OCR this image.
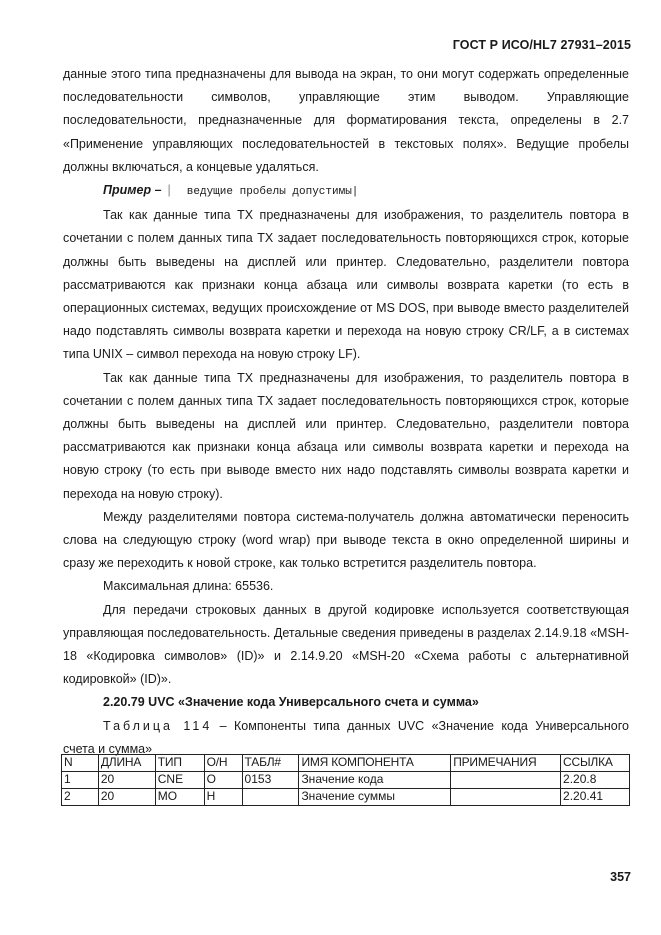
ГОСТ Р ИСО/HL7 27931–2015

данные этого типа предназначены для вывода на экран, то они могут содержать определенные последовательности символов, управляющие этим выводом. Управляющие последовательности, предназначенные для форматирования текста, определены в 2.7 «Применение управляющих последовательностей в текстовых полях». Ведущие пробелы должны включаться, а концевые удаляться.

Пример – | ведущие пробелы допустимы|

Так как данные типа TX предназначены для изображения, то разделитель повтора в сочетании с полем данных типа TX задает последовательность повторяющихся строк, которые должны быть выведены на дисплей или принтер. Следовательно, разделители повтора рассматриваются как признаки конца абзаца или символы возврата каретки (то есть в операционных системах, ведущих происхождение от MS DOS, при выводе вместо разделителей надо подставлять символы возврата каретки и перехода на новую строку CR/LF, а в системах типа UNIX – символ перехода на новую строку LF).

Так как данные типа TX предназначены для изображения, то разделитель повтора в сочетании с полем данных типа TX задает последовательность повторяющихся строк, которые должны быть выведены на дисплей или принтер. Следовательно, разделители повтора рассматриваются как признаки конца абзаца или символы возврата каретки и перехода на новую строку (то есть при выводе вместо них надо подставлять символы возврата каретки и перехода на новую строку).

Между разделителями повтора система-получатель должна автоматически переносить слова на следующую строку (word wrap) при выводе текста в окно определенной ширины и сразу же переходить к новой строке, как только встретится разделитель повтора.

Максимальная длина: 65536.

Для передачи строковых данных в другой кодировке используется соответствующая управляющая последовательность. Детальные сведения приведены в разделах 2.14.9.18 «MSH-18 «Кодировка символов» (ID)» и 2.14.9.20 «MSH-20 «Схема работы с альтернативной кодировкой» (ID)».

2.20.79 UVC «Значение кода Универсального счета и сумма»

Таблица 114 – Компоненты типа данных UVC «Значение кода Универсального счета и сумма»

N	ДЛИНА	ТИП	О/Н	ТАБЛ#	ИМЯ КОМПОНЕНТА	ПРИМЕЧАНИЯ	ССЫЛКА
1	20	CNE	О	0153	Значение кода		2.20.8
2	20	MO	Н		Значение суммы		2.20.41
357
